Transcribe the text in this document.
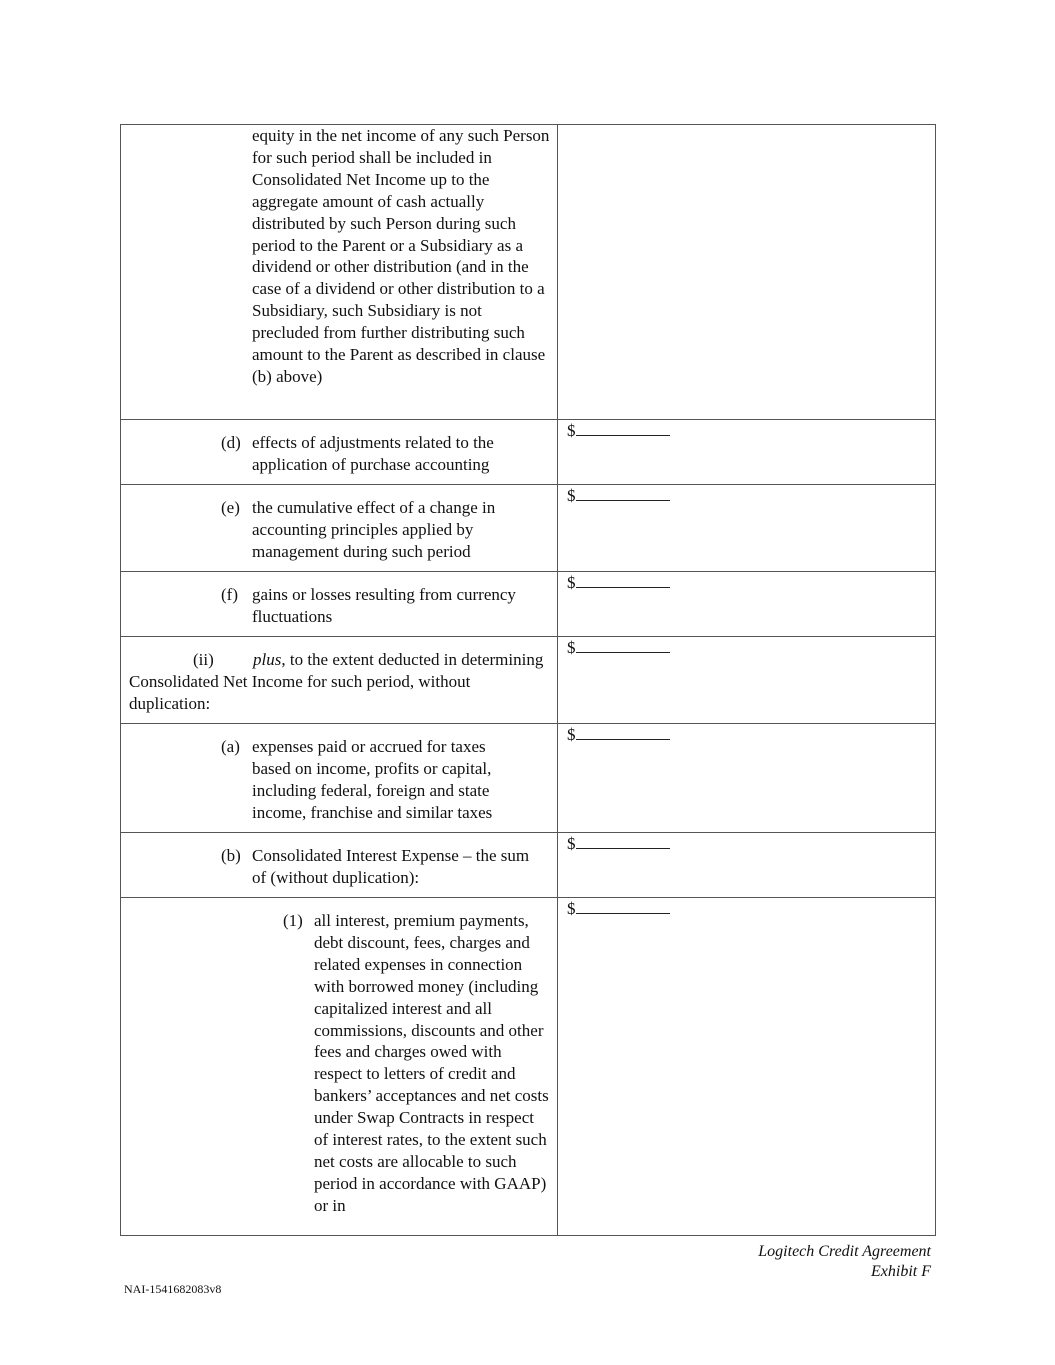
equity in the net income of any such Person for such period shall be included in Consolidated Net Income up to the aggregate amount of cash actually distributed by such Person during such period to the Parent or a Subsidiary as a dividend or other distribution (and in the case of a dividend or other distribution to a Subsidiary, such Subsidiary is not precluded from further distributing such amount to the Parent as described in clause (b) above)	

(d) effects of adjustments related to the application of purchase accounting	$

(e) the cumulative effect of a change in accounting principles applied by management during such period	$

(f) gains or losses resulting from currency fluctuations	$

(ii) plus, to the extent deducted in determining Consolidated Net Income for such period, without duplication:	$

(a) expenses paid or accrued for taxes based on income, profits or capital, including federal, foreign and state income, franchise and similar taxes	$

(b) Consolidated Interest Expense – the sum of (without duplication):	$

(1) all interest, premium payments, debt discount, fees, charges and related expenses in connection with borrowed money (including capitalized interest and all commissions, discounts and other fees and charges owed with respect to letters of credit and bankers’ acceptances and net costs under Swap Contracts in respect of interest rates, to the extent such net costs are allocable to such period in accordance with GAAP) or in	$
Logitech Credit Agreement
Exhibit F
NAI-1541682083v8
